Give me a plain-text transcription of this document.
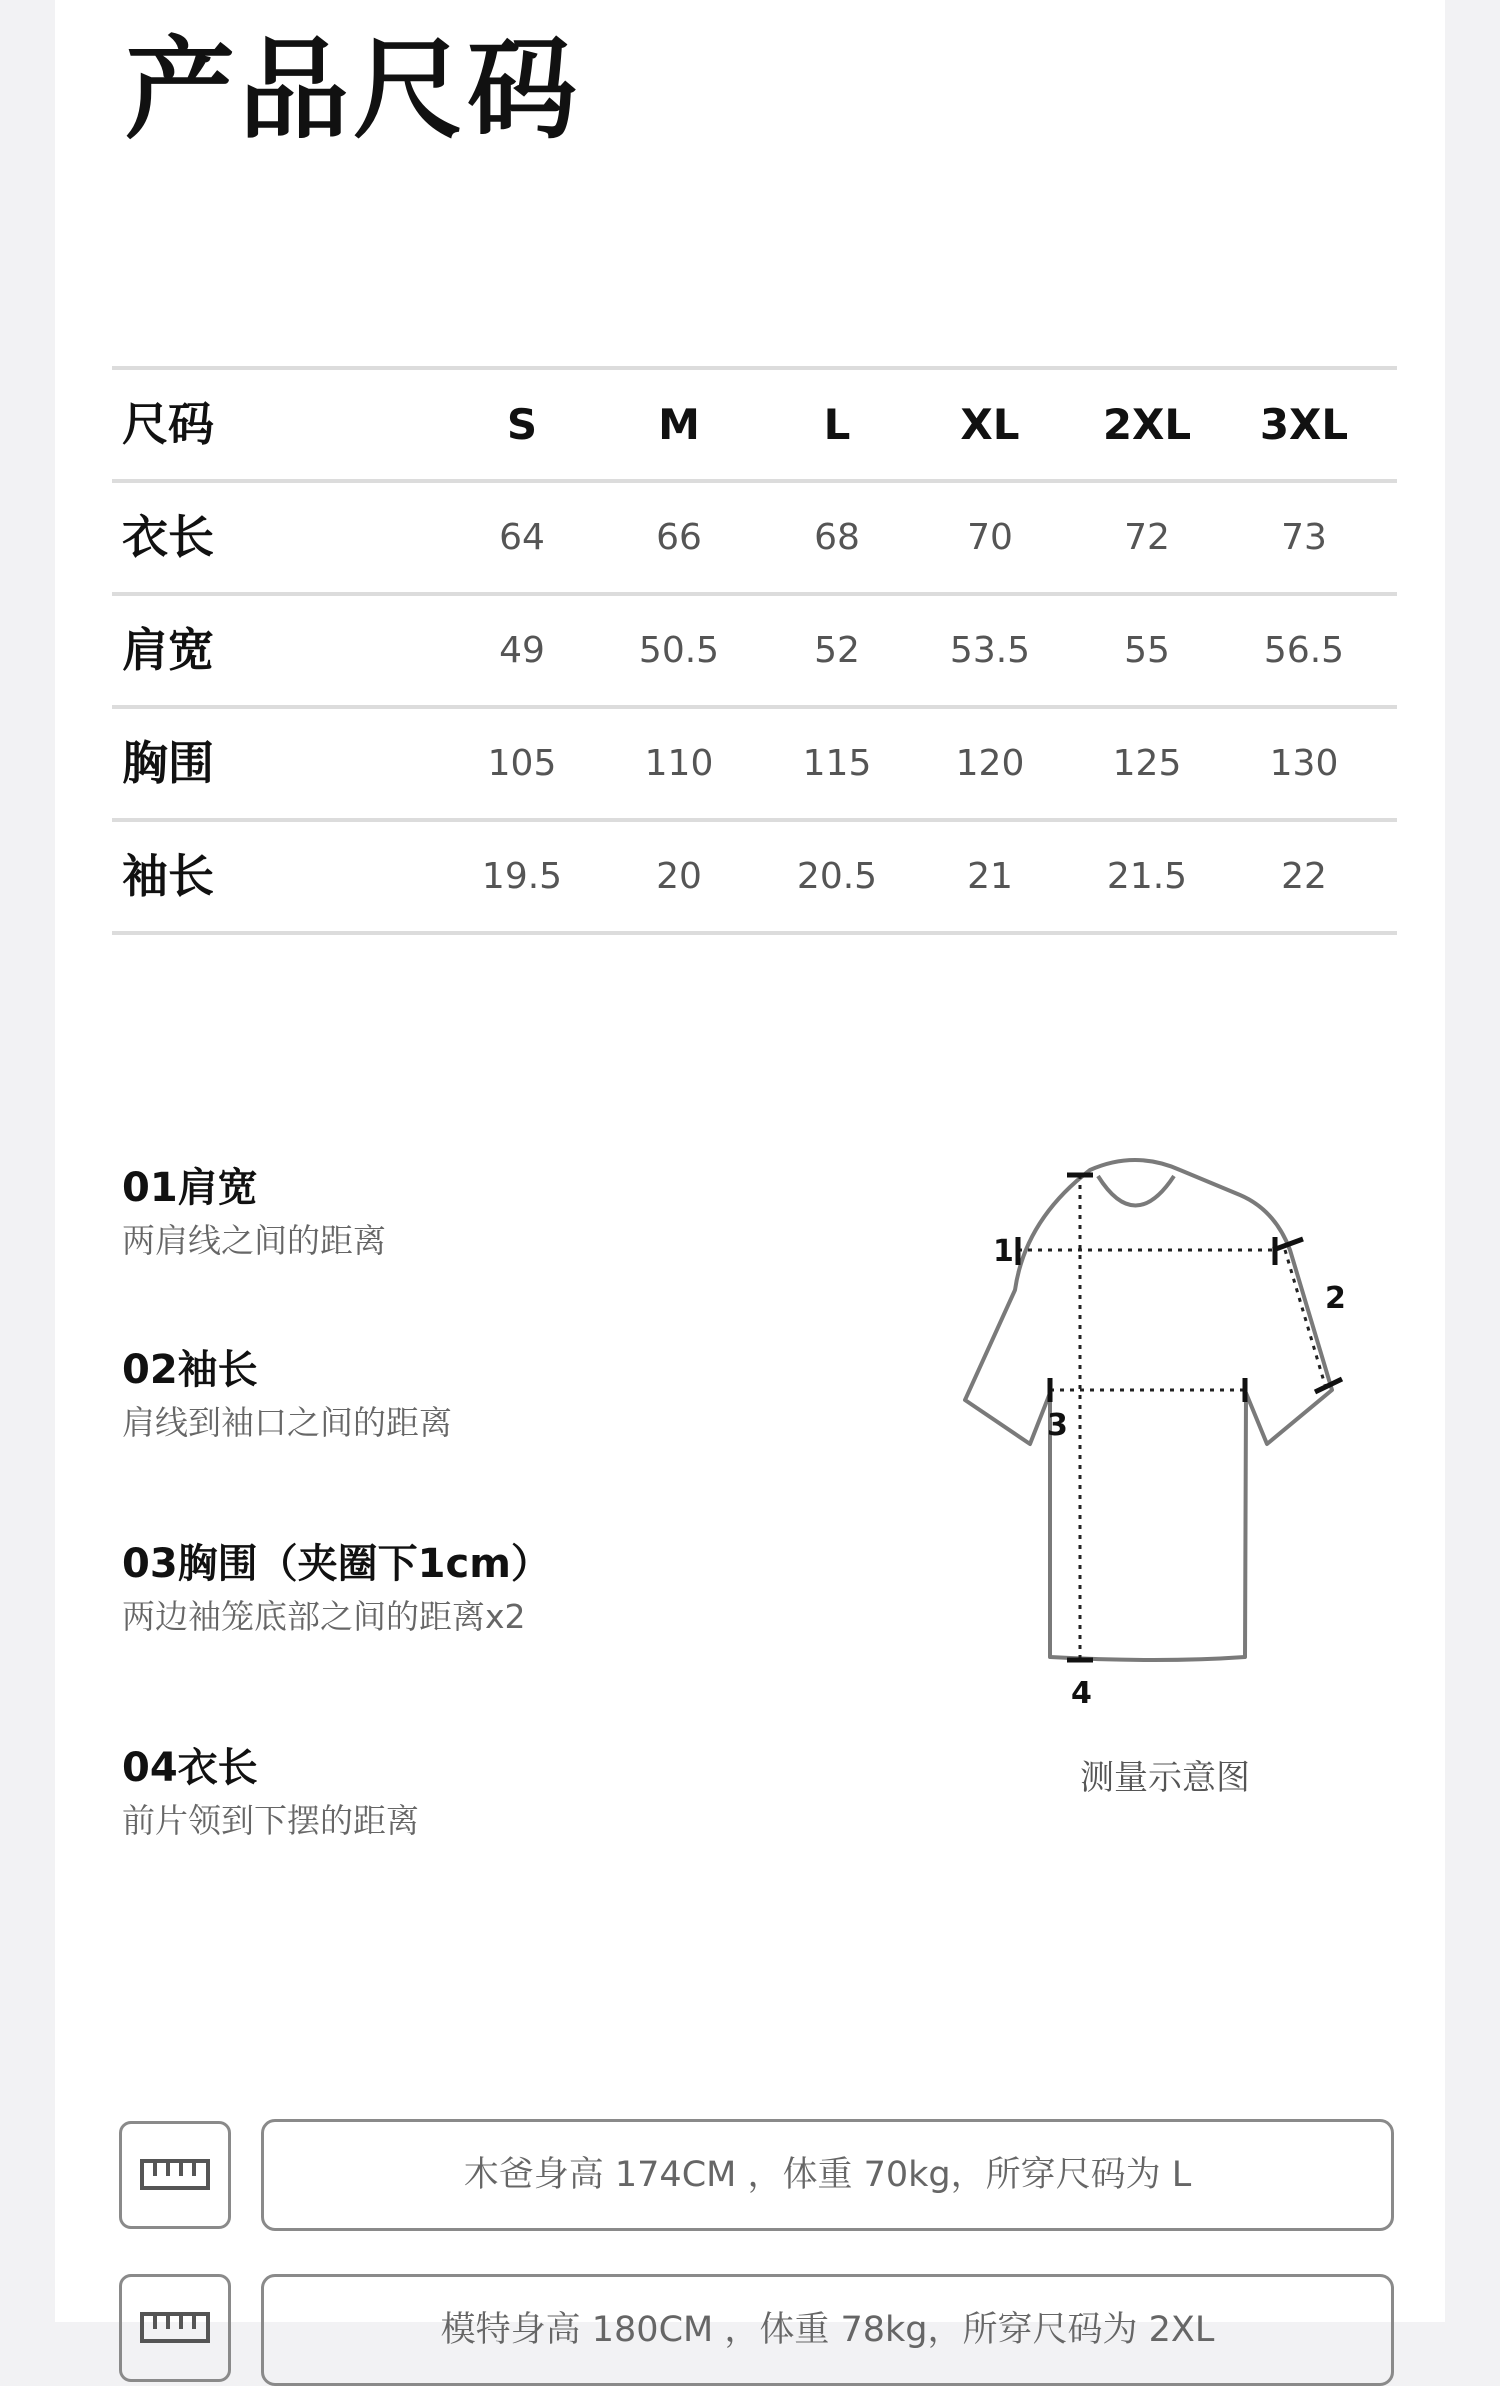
产品尺码
尺码	S	M	L	XL	2XL	3XL
衣长	64	66	68	70	72	73
肩宽	49	50.5	52	53.5	55	56.5
胸围	105	110	115	120	125	130
袖长	19.5	20	20.5	21	21.5	22
01肩宽
两肩线之间的距离
02袖长
肩线到袖口之间的距离
03胸围（夹圈下1cm）
两边袖笼底部之间的距离x2
04衣长
前片领到下摆的距离
1
2
3
4
测量示意图
木爸身高 174CM ，体重 70kg，所穿尺码为 L
模特身高 180CM ，体重 78kg，所穿尺码为 2XL
